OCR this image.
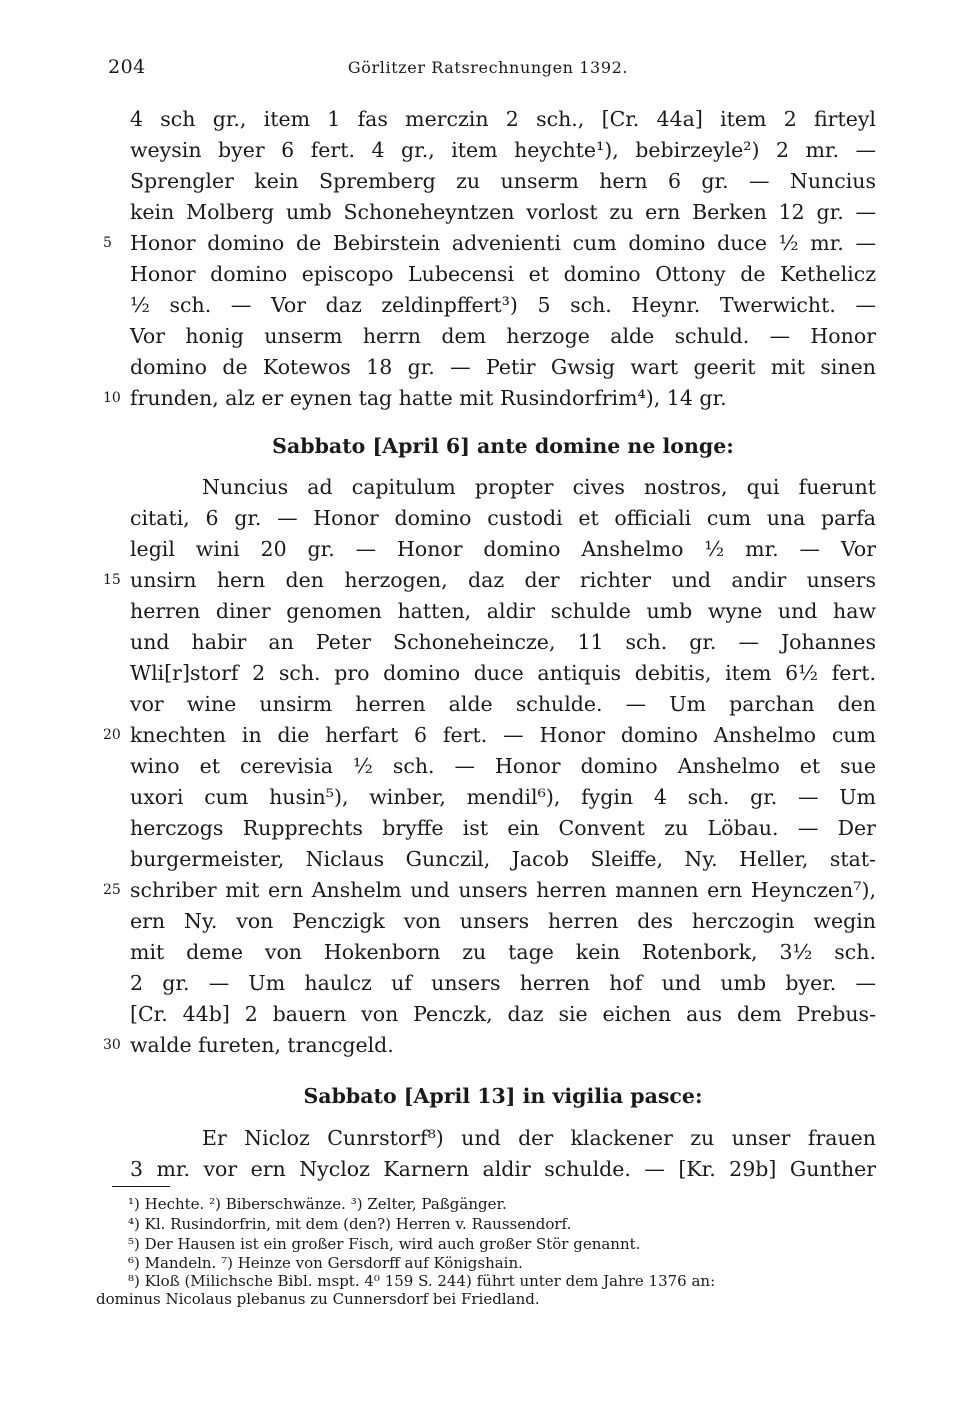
204	Görlitzer Ratsrechnungen 1392.
4 sch gr., item 1 fas merczin 2 sch., [Cr. 44a] item 2 firteyl
weysin byer 6 fert. 4 gr., item heychte¹), bebirzeyle²) 2 mr. —
Sprengler kein Spremberg zu unserm hern 6 gr. — Nuncius
kein Molberg umb Schoneheyntzen vorlost zu ern Berken 12 gr. —
5 Honor domino de Bebirstein advenienti cum domino duce ½ mr. —
Honor domino episcopo Lubecensi et domino Ottony de Kethelicz
½ sch. — Vor daz zeldinpffert³) 5 sch. Heynr. Twerwicht. —
Vor honig unserm herrn dem herzoge alde schuld. — Honor
domino de Kotewos 18 gr. — Petir Gwsig wart geerit mit sinen
10 frunden, alz er eynen tag hatte mit Rusindorfrim⁴), 14 gr.
Sabbato [April 6] ante domine ne longe:
Nuncius ad capitulum propter cives nostros, qui fuerunt
citati, 6 gr. — Honor domino custodi et officiali cum una parfa
legil wini 20 gr. — Honor domino Anshelmo ½ mr. — Vor
15 unsirn hern den herzogen, daz der richter und andir unsers
herren diner genomen hatten, aldir schulde umb wyne und haw
und habir an Peter Schoneheincze, 11 sch. gr. — Johannes
Wli[r]storf 2 sch. pro domino duce antiquis debitis, item 6½ fert.
vor wine unsirm herren alde schulde. — Um parchan den
20 knechten in die herfart 6 fert. — Honor domino Anshelmo cum
wino et cerevisia ½ sch. — Honor domino Anshelmo et sue
uxori cum husin⁵), winber, mendil⁶), fygin 4 sch. gr. — Um
herczogs Rupprechts bryffe ist ein Convent zu Löbau. — Der
burgermeister, Niclaus Gunczil, Jacob Sleiffe, Ny. Heller, stat-
25 schriber mit ern Anshelm und unsers herren mannen ern Heynczen⁷),
ern Ny. von Penczigk von unsers herren des herczogin wegin
mit deme von Hokenborn zu tage kein Rotenbork, 3½ sch.
2 gr. — Um haulcz uf unsers herren hof und umb byer. —
[Cr. 44b] 2 bauern von Penczk, daz sie eichen aus dem Prebus-
30 walde fureten, trancgeld.
Sabbato [April 13] in vigilia pasce:
Er Nicloz Cunrstorf⁸) und der klackener zu unser frauen
3 mr. vor ern Nycloz Karnern aldir schulde. — [Kr. 29b] Gunther
¹) Hechte. ²) Biberschwänze. ³) Zelter, Paßgänger.
⁴) Kl. Rusindorfrin, mit dem (den?) Herren v. Raussendorf.
⁵) Der Hausen ist ein großer Fisch, wird auch großer Stör genannt.
⁶) Mandeln. ⁷) Heinze von Gersdorff auf Königshain.
⁸) Kloß (Milichsche Bibl. mspt. 4⁰ 159 S. 244) führt unter dem Jahre 1376 an:
dominus Nicolaus plebanus zu Cunnersdorf bei Friedland.
